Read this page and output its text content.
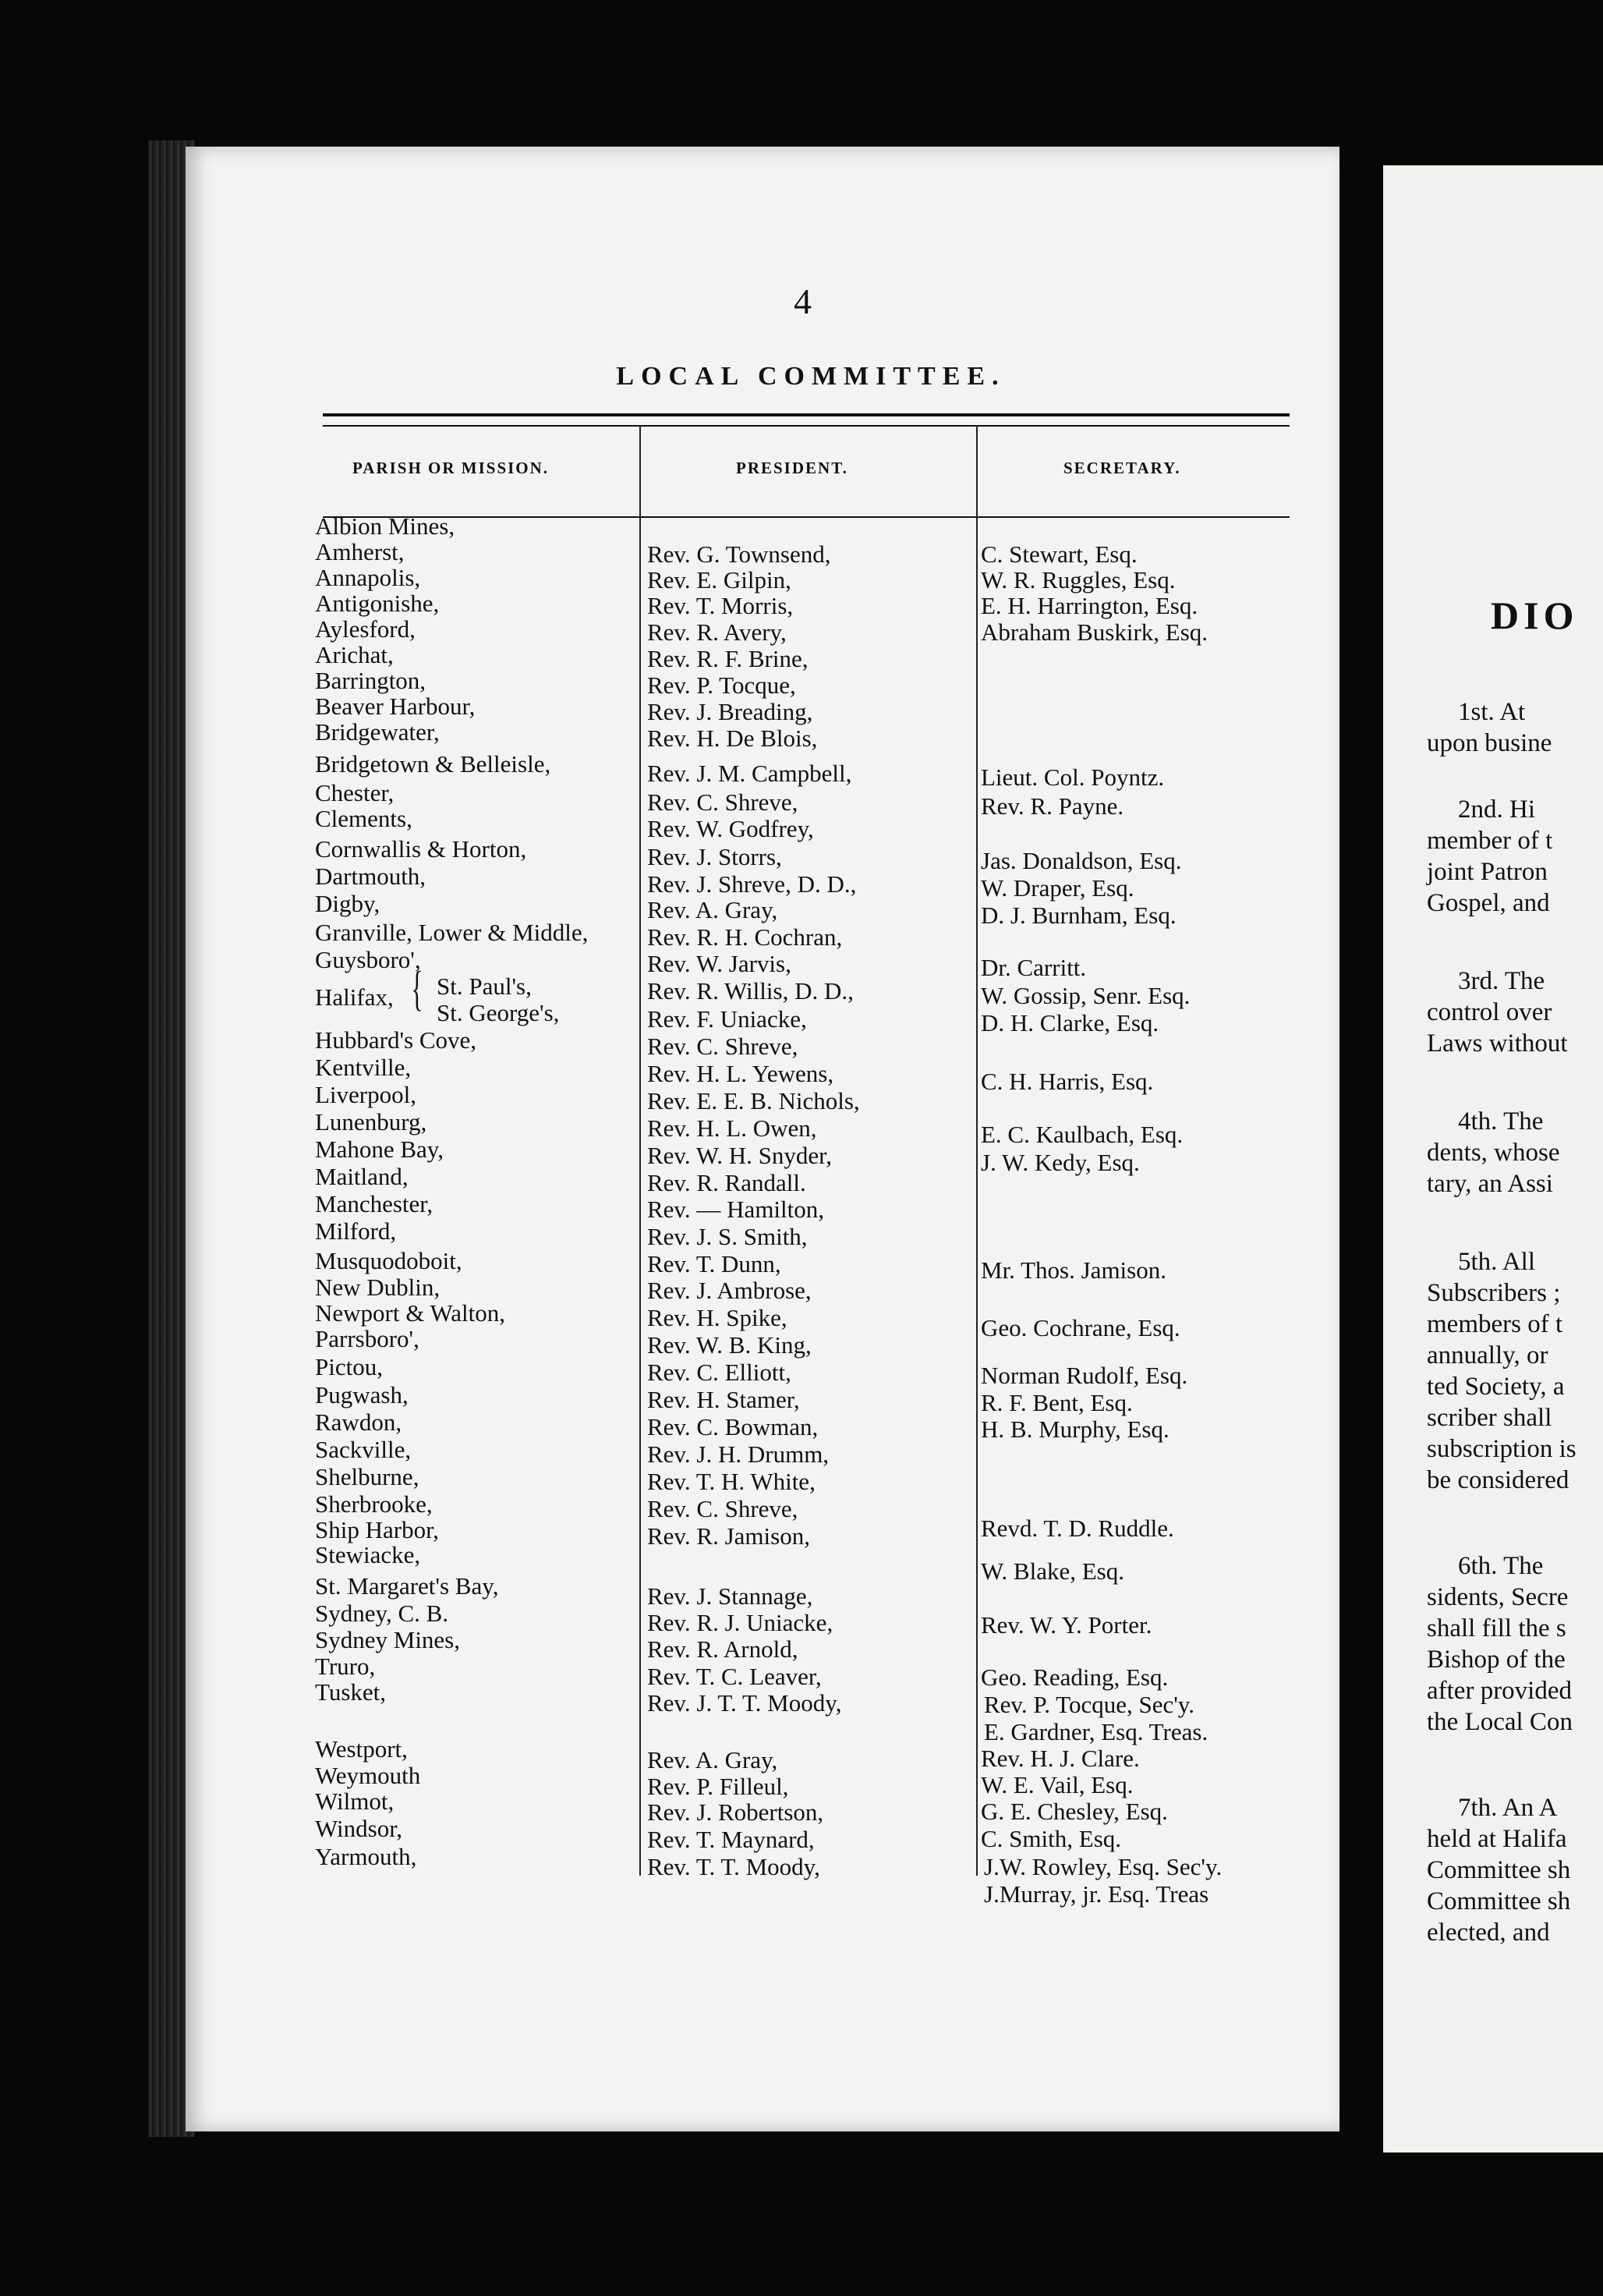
4
LOCAL COMMITTEE.
PARISH OR MISSION.	PRESIDENT.	SECRETARY.
Albion Mines,
Amherst,
Annapolis,
Antigonishe,
Aylesford,
Arichat,
Barrington,
Beaver Harbour,
Bridgewater,
Bridgetown & Belleisle,
Chester,
Clements,
Cornwallis & Horton,
Dartmouth,
Digby,
Granville, Lower & Middle,
Guysboro',
Halifax, St. Paul's,
St. George's,
Hubbard's Cove,
Kentville,
Liverpool,
Lunenburg,
Mahone Bay,
Maitland,
Manchester,
Milford,
Musquodoboit,
New Dublin,
Newport & Walton,
Parrsboro',
Pictou,
Pugwash,
Rawdon,
Sackville,
Shelburne,
Sherbrooke,
Ship Harbor,
Stewiacke,
St. Margaret's Bay,
Sydney, C. B.
Sydney Mines,
Truro,
Tusket,
Westport,
Weymouth
Wilmot,
Windsor,
Yarmouth,
{
Rev. G. Townsend,
Rev. E. Gilpin,
Rev. T. Morris,
Rev. R. Avery,
Rev. R. F. Brine,
Rev. P. Tocque,
Rev. J. Breading,
Rev. H. De Blois,
Rev. J. M. Campbell,
Rev. C. Shreve,
Rev. W. Godfrey,
Rev. J. Storrs,
Rev. J. Shreve, D. D.,
Rev. A. Gray,
Rev. R. H. Cochran,
Rev. W. Jarvis,
Rev. R. Willis, D. D.,
Rev. F. Uniacke,
Rev. C. Shreve,
Rev. H. L. Yewens,
Rev. E. E. B. Nichols,
Rev. H. L. Owen,
Rev. W. H. Snyder,
Rev. R. Randall.
Rev. — Hamilton,
Rev. J. S. Smith,
Rev. T. Dunn,
Rev. J. Ambrose,
Rev. H. Spike,
Rev. W. B. King,
Rev. C. Elliott,
Rev. H. Stamer,
Rev. C. Bowman,
Rev. J. H. Drumm,
Rev. T. H. White,
Rev. C. Shreve,
Rev. R. Jamison,
Rev. J. Stannage,
Rev. R. J. Uniacke,
Rev. R. Arnold,
Rev. T. C. Leaver,
Rev. J. T. T. Moody,
Rev. A. Gray,
Rev. P. Filleul,
Rev. J. Robertson,
Rev. T. Maynard,
Rev. T. T. Moody,
C. Stewart, Esq.
W. R. Ruggles, Esq.
E. H. Harrington, Esq.
Abraham Buskirk, Esq.
Lieut. Col. Poyntz.
Rev. R. Payne.
Jas. Donaldson, Esq.
W. Draper, Esq.
D. J. Burnham, Esq.
Dr. Carritt.
W. Gossip, Senr. Esq.
D. H. Clarke, Esq.
C. H. Harris, Esq.
E. C. Kaulbach, Esq.
J. W. Kedy, Esq.
Mr. Thos. Jamison.
Geo. Cochrane, Esq.
Norman Rudolf, Esq.
R. F. Bent, Esq.
H. B. Murphy, Esq.
Revd. T. D. Ruddle.
W. Blake, Esq.
Rev. W. Y. Porter.
Geo. Reading, Esq.
Rev. P. Tocque, Sec'y.
E. Gardner, Esq. Treas.
Rev. H. J. Clare.
W. E. Vail, Esq.
G. E. Chesley, Esq.
C. Smith, Esq.
J.W. Rowley, Esq. Sec'y.
J.Murray, jr. Esq. Treas
DIO
1st. At
upon busine
2nd. Hi
member of t
joint Patron
Gospel, and
3rd. The
control over
Laws without
4th. The
dents, whose
tary, an Assi
5th. All
Subscribers ;
members of t
annually, or
ted Society, a
scriber shall
subscription is
be considered
6th. The
sidents, Secre
shall fill the s
Bishop of the
after provided
the Local Con
7th. An A
held at Halifa
Committee sh
Committee sh
elected, and
